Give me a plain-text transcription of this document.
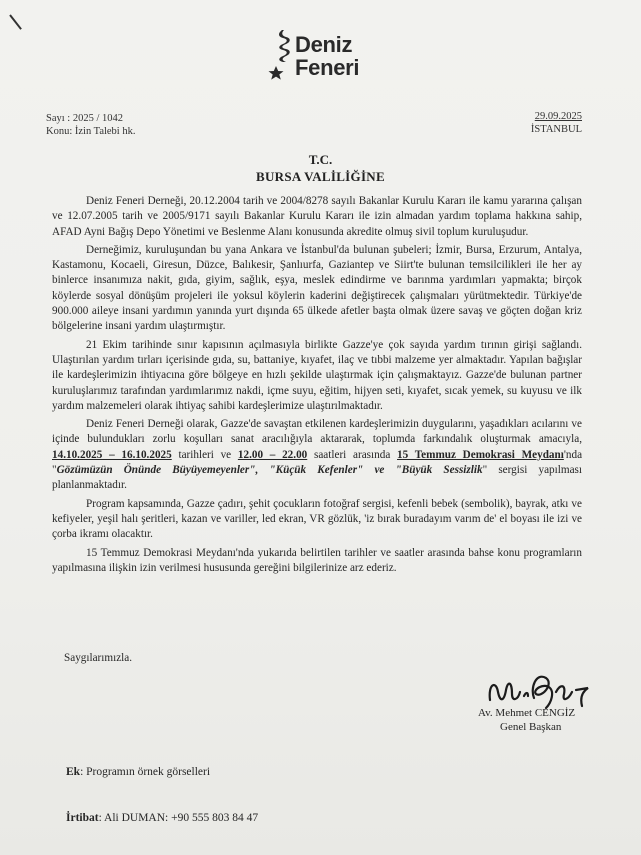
Deniz
Feneri
Sayı : 2025 / 1042
Konu: İzin Talebi hk.
29.09.2025
İSTANBUL
T.C.
BURSA VALİLİĞİNE

Deniz Feneri Derneği, 20.12.2004 tarih ve 2004/8278 sayılı Bakanlar Kurulu Kararı ile kamu yararına çalışan ve 12.07.2005 tarih ve 2005/9171 sayılı Bakanlar Kurulu Kararı ile izin almadan yardım toplama hakkına sahip, AFAD Ayni Bağış Depo Yönetimi ve Beslenme Alanı konusunda akredite olmuş sivil toplum kuruluşudur.

Derneğimiz, kuruluşundan bu yana Ankara ve İstanbul'da bulunan şubeleri; İzmir, Bursa, Erzurum, Antalya, Kastamonu, Kocaeli, Giresun, Düzce, Balıkesir, Şanlıurfa, Gaziantep ve Siirt'te bulunan temsilcilikleri ile her ay binlerce insanımıza nakit, gıda, giyim, sağlık, eşya, meslek edindirme ve barınma yardımları yapmakta; birçok köylerde sosyal dönüşüm projeleri ile yoksul köylerin kaderini değiştirecek çalışmaları yürütmektedir. Türkiye'de 900.000 aileye insani yardımın yanında yurt dışında 65 ülkede afetler başta olmak üzere savaş ve göçten doğan kriz bölgelerine insani yardım ulaştırmıştır.

21 Ekim tarihinde sınır kapısının açılmasıyla birlikte Gazze'ye çok sayıda yardım tırının girişi sağlandı. Ulaştırılan yardım tırları içerisinde gıda, su, battaniye, kıyafet, ilaç ve tıbbi malzeme yer almaktadır. Yapılan bağışlar ile kardeşlerimizin ihtiyacına göre bölgeye en hızlı şekilde ulaştırmak için çalışmaktayız. Gazze'de bulunan partner kuruluşlarımız tarafından yardımlarımız nakdi, içme suyu, eğitim, hijyen seti, kıyafet, sıcak yemek, su kuyusu ve ilk yardım malzemeleri olarak ihtiyaç sahibi kardeşlerimize ulaştırılmaktadır.

Deniz Feneri Derneği olarak, Gazze'de savaştan etkilenen kardeşlerimizin duygularını, yaşadıkları acılarını ve içinde bulundukları zorlu koşulları sanat aracılığıyla aktararak, toplumda farkındalık oluşturmak amacıyla, 14.10.2025 – 16.10.2025 tarihleri ve 12.00 – 22.00 saatleri arasında 15 Temmuz Demokrasi Meydanı'nda "Gözümüzün Önünde Büyüyemeyenler", "Küçük Kefenler" ve "Büyük Sessizlik" sergisi yapılması planlanmaktadır.

Program kapsamında, Gazze çadırı, şehit çocukların fotoğraf sergisi, kefenli bebek (sembolik), bayrak, atkı ve kefiyeler, yeşil halı şeritleri, kazan ve variller, led ekran, VR gözlük, 'iz bırak buradayım varım de' el boyası ile izi ve çorba ikramı olacaktır.

15 Temmuz Demokrasi Meydanı'nda yukarıda belirtilen tarihler ve saatler arasında bahse konu programların yapılmasına ilişkin izin verilmesi hususunda gereğini bilgilerinize arz ederiz.

Saygılarımızla.
Av. Mehmet CENGİZ
Genel Başkan
Ek: Programın örnek görselleri
İrtibat: Ali DUMAN: +90 555 803 84 47
